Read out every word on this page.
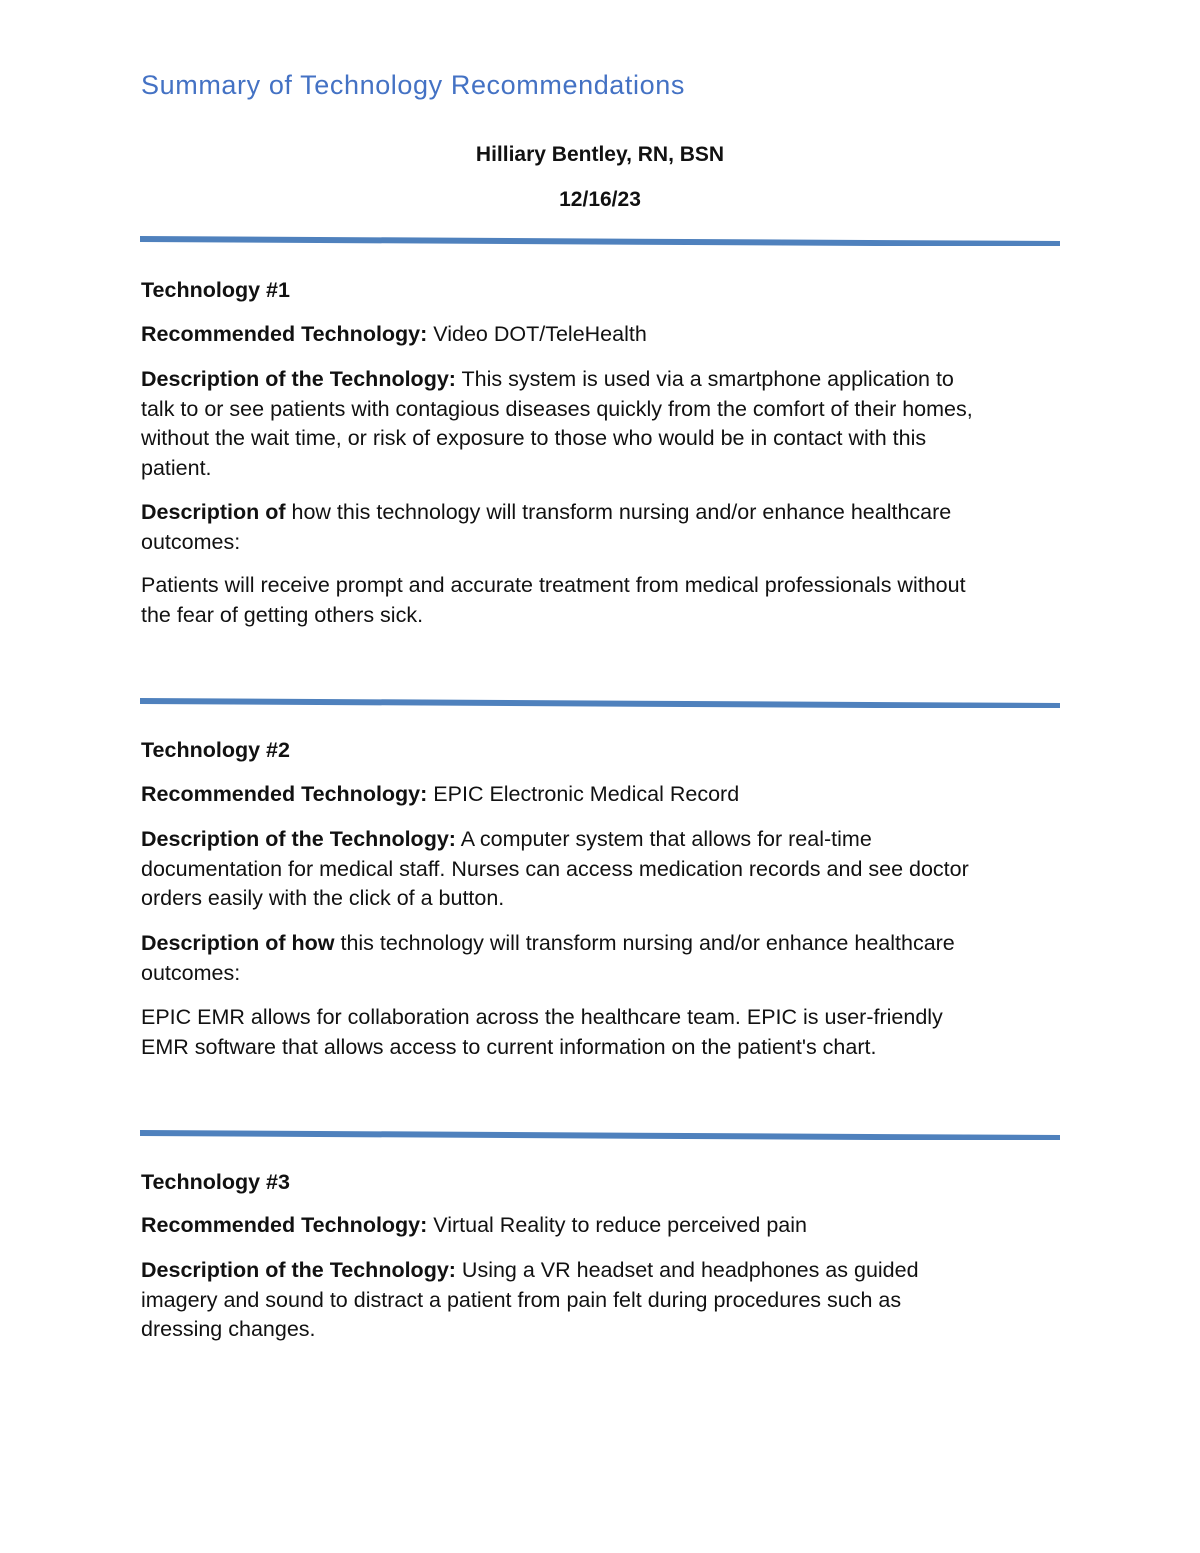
Summary of Technology Recommendations
Hilliary Bentley, RN, BSN
12/16/23
Technology #1
Recommended Technology: Video DOT/TeleHealth
Description of the Technology: This system is used via a smartphone application to
talk to or see patients with contagious diseases quickly from the comfort of their homes,
without the wait time, or risk of exposure to those who would be in contact with this
patient.
Description of how this technology will transform nursing and/or enhance healthcare
outcomes:
Patients will receive prompt and accurate treatment from medical professionals without
the fear of getting others sick.
Technology #2
Recommended Technology: EPIC Electronic Medical Record
Description of the Technology: A computer system that allows for real-time
documentation for medical staff. Nurses can access medication records and see doctor
orders easily with the click of a button.
Description of how this technology will transform nursing and/or enhance healthcare
outcomes:
EPIC EMR allows for collaboration across the healthcare team. EPIC is user-friendly
EMR software that allows access to current information on the patient's chart.
Technology #3
Recommended Technology: Virtual Reality to reduce perceived pain
Description of the Technology: Using a VR headset and headphones as guided
imagery and sound to distract a patient from pain felt during procedures such as
dressing changes.
